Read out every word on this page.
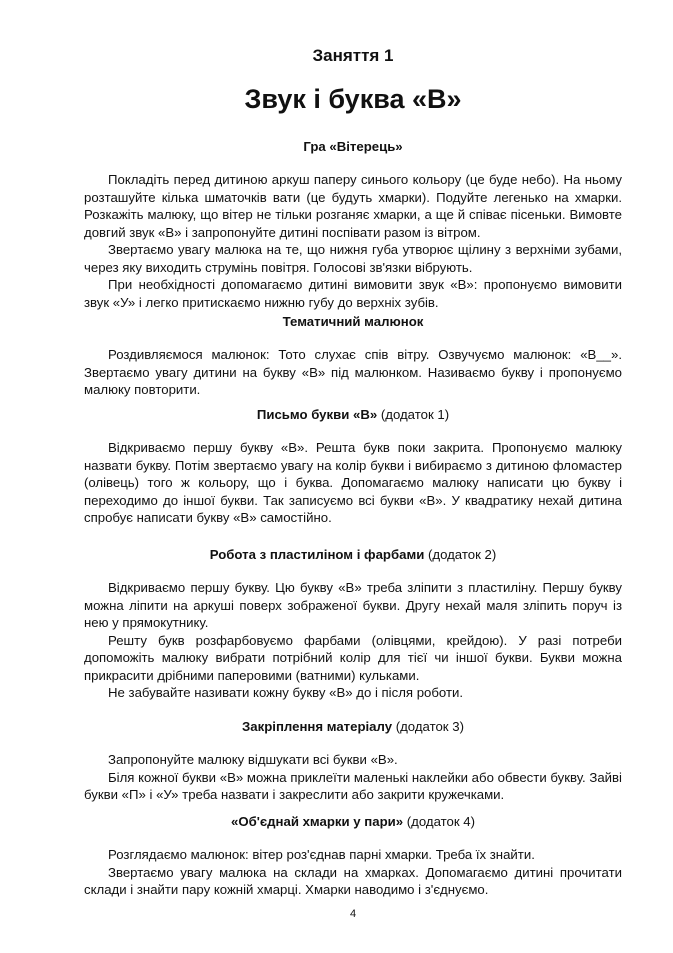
Заняття 1
Звук і буква «В»

Гра «Вітерець»

Покладіть перед дитиною аркуш паперу синього кольору (це буде небо). На ньому розташуйте кілька шматочків вати (це будуть хмарки). Подуйте легенько на хмарки. Розкажіть малюку, що вітер не тільки розганяє хмарки, а ще й співає пісеньки. Вимовте довгий звук «В» і запропонуйте дитині поспівати разом із вітром.

Звертаємо увагу малюка на те, що нижня губа утворює щілину з верхніми зубами, через яку виходить струмінь повітря. Голосові зв'язки вібрують.

При необхідності допомагаємо дитині вимовити звук «В»: пропонуємо вимовити звук «У» і легко притискаємо нижню губу до верхніх зубів.

Тематичний малюнок

Роздивляємося малюнок: Тото слухає спів вітру. Озвучуємо малюнок: «В__». Звертаємо увагу дитини на букву «В» під малюнком. Називаємо букву і пропонуємо малюку повторити.

Письмо букви «В» (додаток 1)

Відкриваємо першу букву «В». Решта букв поки закрита. Пропонуємо малюку назвати букву. Потім звертаємо увагу на колір букви і вибираємо з дитиною фломастер (олівець) того ж кольору, що і буква. Допомагаємо малюку написати цю букву і переходимо до іншої букви. Так записуємо всі букви «В». У квадратику нехай дитина спробує написати букву «В» самостійно.

Робота з пластиліном і фарбами (додаток 2)

Відкриваємо першу букву. Цю букву «В» треба зліпити з пластиліну. Першу букву можна ліпити на аркуші поверх зображеної букви. Другу нехай маля зліпить поруч із нею у прямокутнику.

Решту букв розфарбовуємо фарбами (олівцями, крейдою). У разі потреби допоможіть малюку вибрати потрібний колір для тієї чи іншої букви. Букви можна прикрасити дрібними паперовими (ватними) кульками.

Не забувайте називати кожну букву «В» до і після роботи.

Закріплення матеріалу (додаток 3)

Запропонуйте малюку відшукати всі букви «В».

Біля кожної букви «В» можна приклеїти маленькі наклейки або обвести букву. Зайві букви «П» і «У» треба назвати і закреслити або закрити кружечками.

«Об'єднай хмарки у пари» (додаток 4)

Розглядаємо малюнок: вітер роз'єднав парні хмарки. Треба їх знайти.

Звертаємо увагу малюка на склади на хмарках. Допомагаємо дитині прочитати склади і знайти пару кожній хмарці. Хмарки наводимо і з'єднуємо.

4
